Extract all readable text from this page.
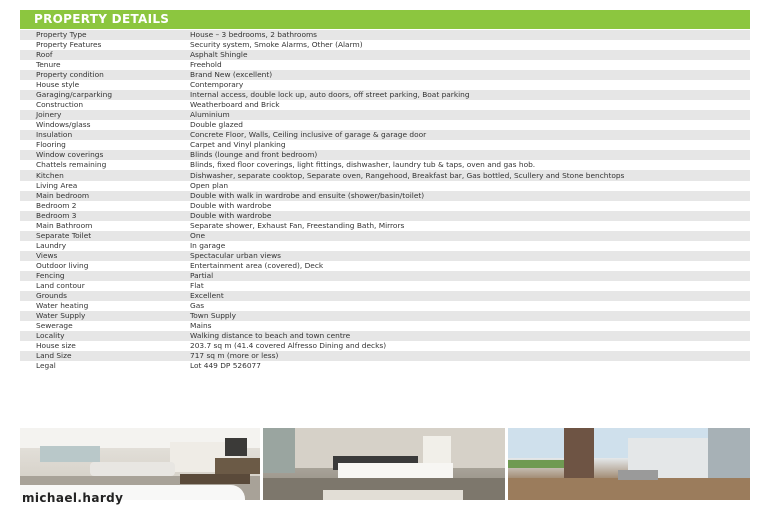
PROPERTY DETAILS
Property Type	House – 3 bedrooms, 2 bathrooms
Property Features	Security system, Smoke Alarms, Other (Alarm)
Roof	Asphalt Shingle
Tenure	Freehold
Property condition	Brand New (excellent)
House style	Contemporary
Garaging/carparking	Internal access, double lock up, auto doors, off street parking, Boat parking
Construction	Weatherboard and Brick
Joinery	Aluminium
Windows/glass	Double glazed
Insulation	Concrete Floor, Walls, Ceiling inclusive of garage & garage door
Flooring	Carpet and Vinyl planking
Window coverings	Blinds (lounge and front bedroom)
Chattels remaining	Blinds, fixed floor coverings, light fittings, dishwasher, laundry tub & taps, oven and gas hob.
Kitchen	Dishwasher, separate cooktop, Separate oven, Rangehood, Breakfast bar, Gas bottled, Scullery and Stone benchtops
Living Area	Open plan
Main bedroom	Double with walk in wardrobe and ensuite (shower/basin/toilet)
Bedroom 2	Double with wardrobe
Bedroom 3	Double with wardrobe
Main Bathroom	Separate shower, Exhaust Fan, Freestanding Bath, Mirrors
Separate Toilet	One
Laundry	In garage
Views	Spectacular urban views
Outdoor living	Entertainment area (covered), Deck
Fencing	Partial
Land contour	Flat
Grounds	Excellent
Water heating	Gas
Water Supply	Town Supply
Sewerage	Mains
Locality	Walking distance to beach and town centre
House size	203.7 sq m (41.4 covered Alfresso Dining and decks)
Land Size	717 sq m (more or less)
Legal	Lot 449 DP 526077
michael.hardy
